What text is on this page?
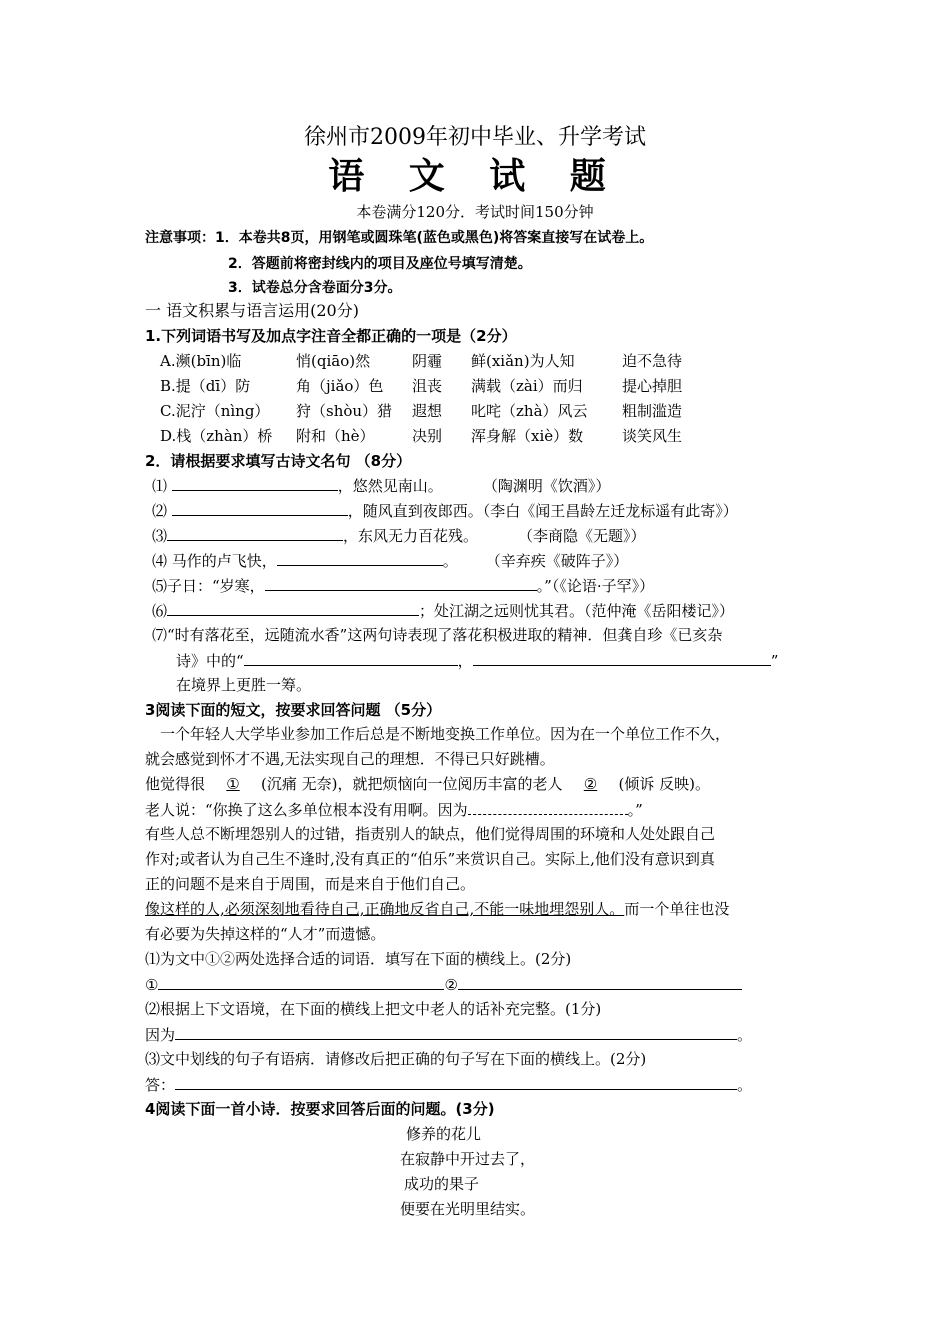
徐州市2009年初中毕业、升学考试
语 文 试 题
本卷满分120分．考试时间150分钟
注意事项：1．本卷共8页，用钢笔或圆珠笔(蓝色或黑色)将答案直接写在试卷上。
2．答题前将密封线内的项目及座位号填写清楚。
3．试卷总分含卷面分3分。
一 语文积累与语言运用(20分)
1.下列词语书写及加点字注音全都正确的一项是（2分）
A.濒(bīn)临	悄(qiāo)然	阴霾 鲜(xiǎn)为人知	迫不急待
B.提（dī）防	角（jiǎo）色 沮丧 满载（zài）而归	提心掉胆
C.泥泞（nìng） 狩（shòu）猎 遐想 叱咤（zhà）风云 粗制滥造
D.栈（zhàn）桥 附和（hè） 决别 浑身解（xiè）数	谈笑风生
2．请根据要求填写古诗文名句 （8分）
⑴	，悠然见南山。	（陶渊明《饮酒》）
⑵	，随风直到夜郎西。（李白《闻王昌龄左迁龙标遥有此寄》）
⑶	，东风无力百花残。	（李商隐《无题》）
⑷ 马作的卢飞快，	。 （辛弃疾《破阵子》）
⑸子日：“岁寒，	。”（《论语·子罕》）
⑹	；处江湖之远则忧其君。（范仲淹《岳阳楼记》）
⑺“时有落花至，远随流水香”这两句诗表现了落花积极进取的精神．但龚自珍《已亥杂
诗》中的“	，	”
在境界上更胜一筹。
3阅读下面的短文，按要求回答问题 （5分）
一个年轻人大学毕业参加工作后总是不断地变换工作单位。因为在一个单位工作不久，
就会感觉到怀才不遇,无法实现自己的理想．不得已只好跳槽。
他觉得很 ① (沉痛 无奈)，就把烦恼向一位阅历丰富的老人 ② (倾诉 反映)。
老人说：“你换了这么多单位根本没有用啊。因为	。”
有些人总不断埋怨别人的过错，指责别人的缺点，他们觉得周围的环境和人处处跟自己
作对;或者认为自己生不逢时,没有真正的“伯乐”来赏识自己。实际上,他们没有意识到真
正的问题不是来自于周围，而是来自于他们自己。
像这样的人,必须深刻地看待自己,正确地反省自己,不能一味地埋怨别人。而一个单往也没
有必要为失掉这样的“人才”而遗憾。
⑴为文中①②两处选择合适的词语．填写在下面的横线上。(2分)
①	②
⑵根据上下文语境，在下面的横线上把文中老人的话补充完整。(1分)
因为	。
⑶文中划线的句子有语病．请修改后把正确的句子写在下面的横线上。(2分)
答：	。
4阅读下面一首小诗．按要求回答后面的问题。(3分)
修养的花儿
在寂静中开过去了，
成功的果子
便要在光明里结实。
